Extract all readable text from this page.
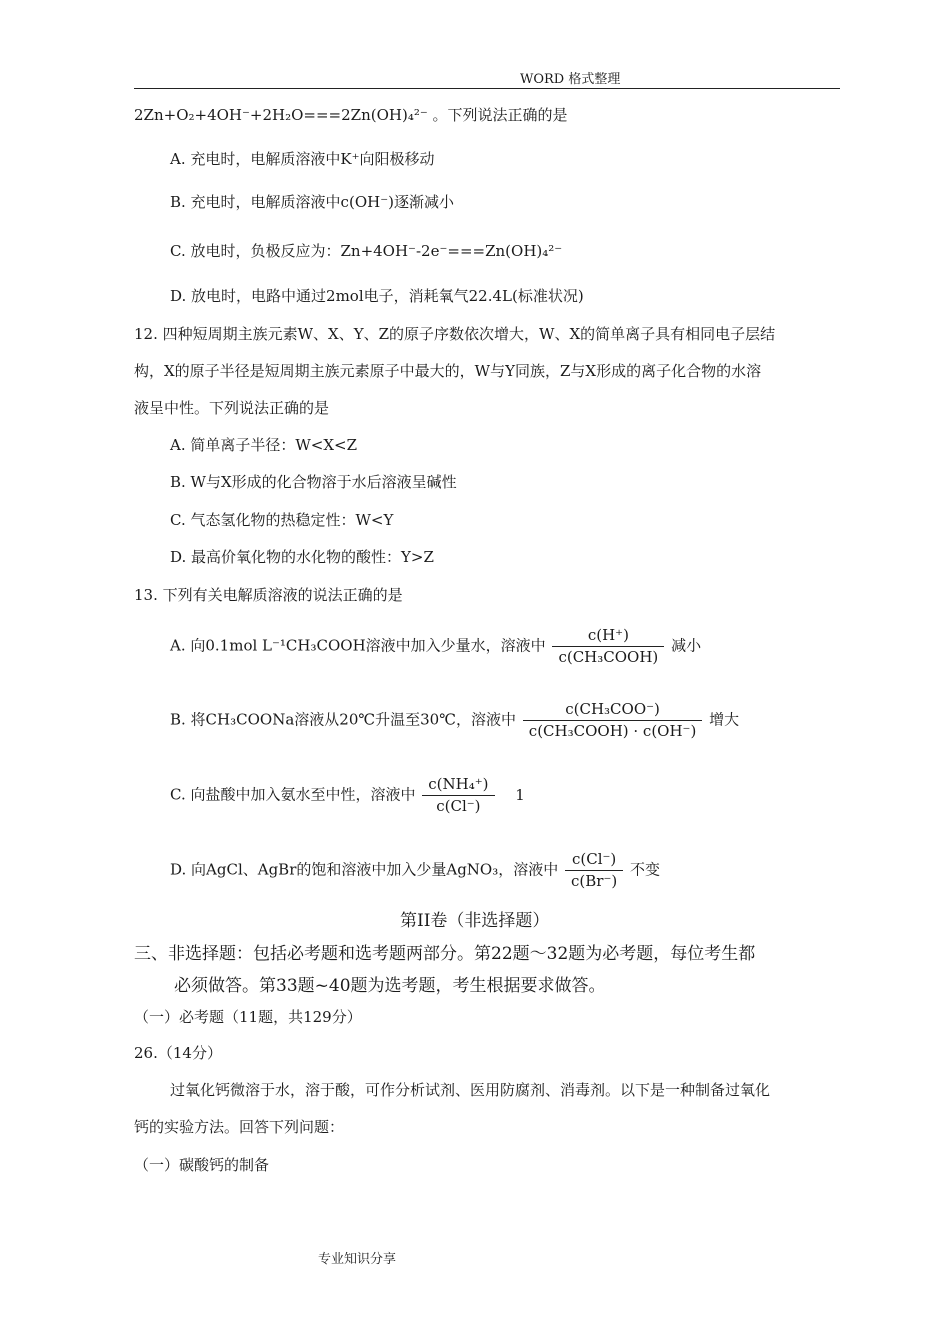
WORD 格式整理
2Zn+O₂+4OH⁻+2H₂O===2Zn(OH)₄²⁻ 。下列说法正确的是
A. 充电时，电解质溶液中K⁺向阳极移动
B. 充电时，电解质溶液中c(OH⁻)逐渐减小
C. 放电时，负极反应为：Zn+4OH⁻-2e⁻===Zn(OH)₄²⁻
D. 放电时，电路中通过2mol电子，消耗氧气22.4L(标准状况)
12. 四种短周期主族元素W、X、Y、Z的原子序数依次增大，W、X的简单离子具有相同电子层结
构，X的原子半径是短周期主族元素原子中最大的，W与Y同族，Z与X形成的离子化合物的水溶
液呈中性。下列说法正确的是
A. 简单离子半径：W<X<Z
B. W与X形成的化合物溶于水后溶液呈碱性
C. 气态氢化物的热稳定性：W<Y
D. 最高价氧化物的水化物的酸性：Y>Z
13. 下列有关电解质溶液的说法正确的是
A. 向0.1mol L⁻¹CH₃COOH溶液中加入少量水，溶液中 $\frac{c(H^+)}{\text{c(CH₃COOH)}}$ 减小
B. 将CH₃COONa溶液从20℃升温至30℃，溶液中 $\frac{\text{c(CH₃COO⁻)}}{\text{c(CH₃COOH) · c(OH⁻)}}$ 增大
C. 向盐酸中加入氨水至中性，溶液中 $\frac{\text{c(NH₄⁺)}}{c(Cl^-)} 1$
D. 向AgCl、AgBr的饱和溶液中加入少量AgNO₃，溶液中 $\frac{c(Cl^-)}{c(Br^-)}$ 不变
第II卷（非选择题）
三、非选择题：包括必考题和选考题两部分。第22题～32题为必考题，每位考生都
必须做答。第33题~40题为选考题，考生根据要求做答。
（一）必考题（11题，共129分）
26.（14分）
过氧化钙微溶于水，溶于酸，可作分析试剂、医用防腐剂、消毒剂。以下是一种制备过氧化
钙的实验方法。回答下列问题：
（一）碳酸钙的制备
专业知识分享
